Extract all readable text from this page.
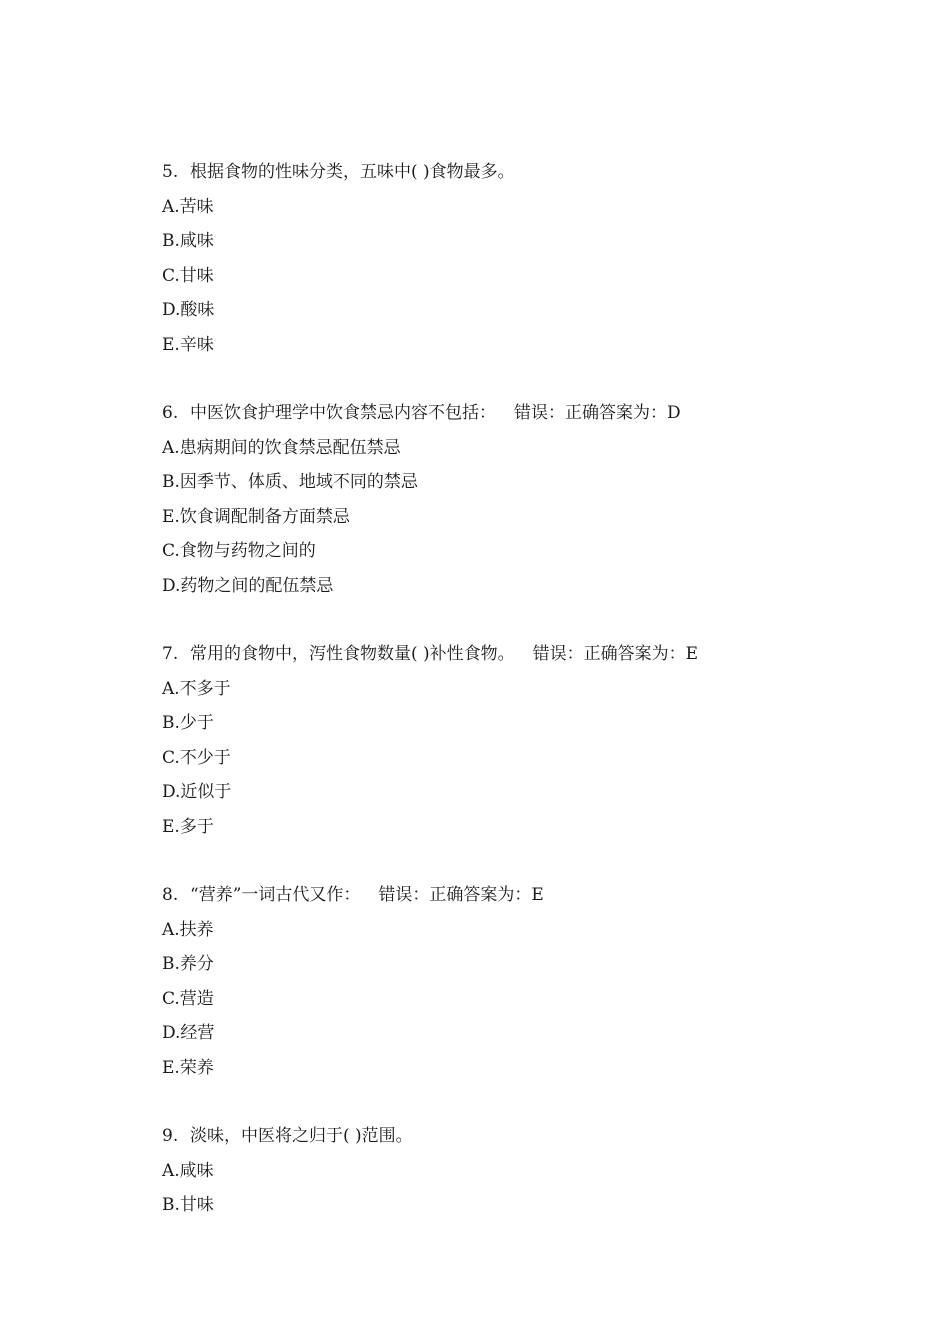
5. 根据食物的性味分类，五味中( )食物最多。
A.苦味
B.咸味
C.甘味
D.酸味
E.辛味
6. 中医饮食护理学中饮食禁忌内容不包括： 错误：正确答案为：D
A.患病期间的饮食禁忌配伍禁忌
B.因季节、体质、地域不同的禁忌
E.饮食调配制备方面禁忌
C.食物与药物之间的
D.药物之间的配伍禁忌
7. 常用的食物中，泻性食物数量( )补性食物。 错误：正确答案为：E
A.不多于
B.少于
C.不少于
D.近似于
E.多于
8. “营养”一词古代又作： 错误：正确答案为：E
A.扶养
B.养分
C.营造
D.经营
E.荣养
9. 淡味，中医将之归于( )范围。
A.咸味
B.甘味
